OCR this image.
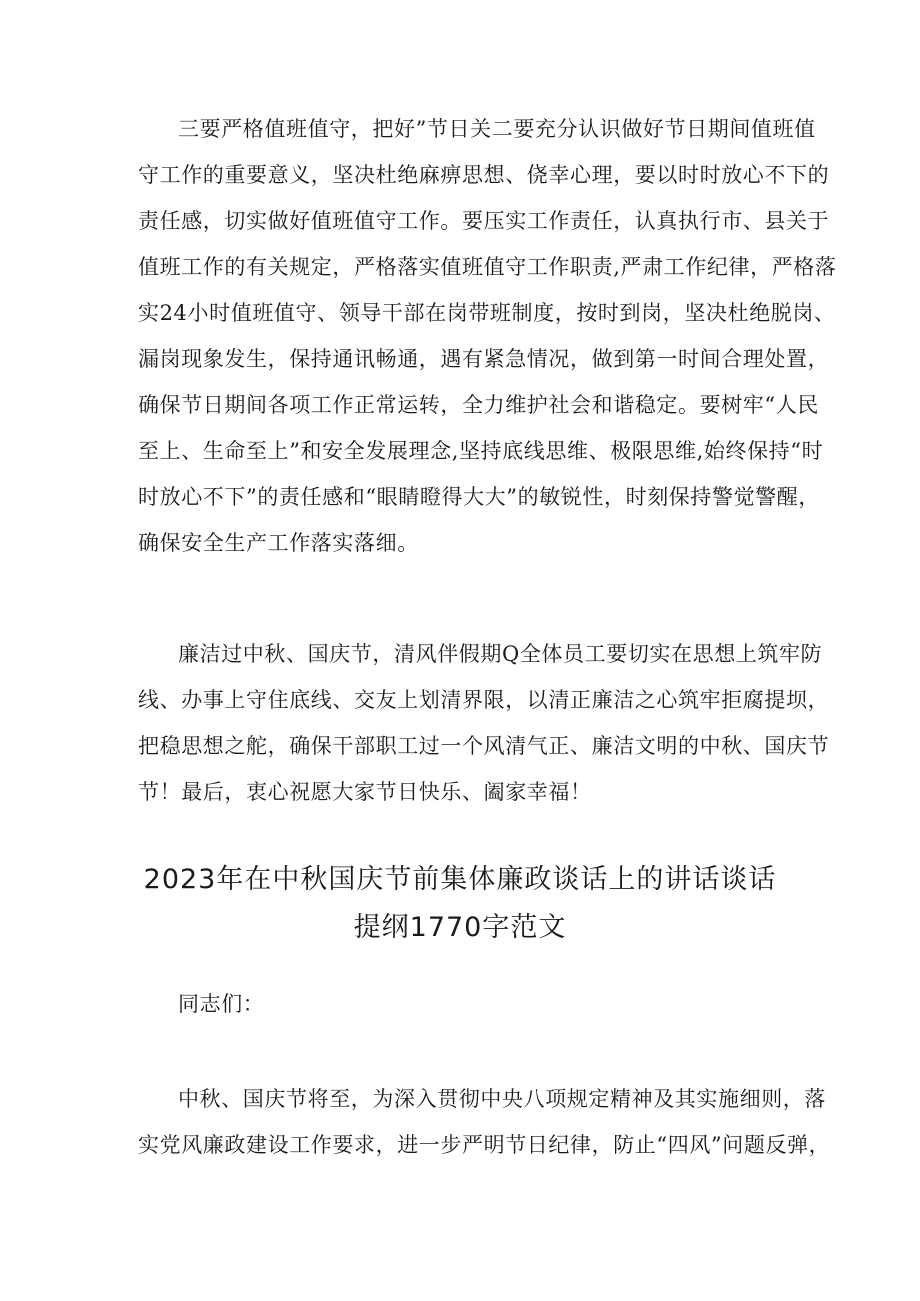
三要严格值班值守，把好”节日关二要充分认识做好节日期间值班值
守工作的重要意义，坚决杜绝麻痹思想、侥幸心理，要以时时放心不下的
责任感，切实做好值班值守工作。要压实工作责任，认真执行市、县关于
值班工作的有关规定，严格落实值班值守工作职责,严肃工作纪律，严格落
实24小时值班值守、领导干部在岗带班制度，按时到岗，坚决杜绝脱岗、
漏岗现象发生，保持通讯畅通，遇有紧急情况，做到第一时间合理处置，
确保节日期间各项工作正常运转，全力维护社会和谐稳定。要树牢“人民
至上、生命至上”和安全发展理念,坚持底线思维、极限思维,始终保持“时
时放心不下”的责任感和“眼睛瞪得大大”的敏锐性，时刻保持警觉警醒，
确保安全生产工作落实落细。
廉洁过中秋、国庆节，清风伴假期Q全体员工要切实在思想上筑牢防
线、办事上守住底线、交友上划清界限，以清正廉洁之心筑牢拒腐提坝，
把稳思想之舵，确保干部职工过一个风清气正、廉洁文明的中秋、国庆节
节！最后，衷心祝愿大家节日快乐、阖家幸福！
2023年在中秋国庆节前集体廉政谈话上的讲话谈话
提纲1770字范文
同志们：
中秋、国庆节将至，为深入贯彻中央八项规定精神及其实施细则，落
实党风廉政建设工作要求，进一步严明节日纪律，防止“四风”问题反弹，
